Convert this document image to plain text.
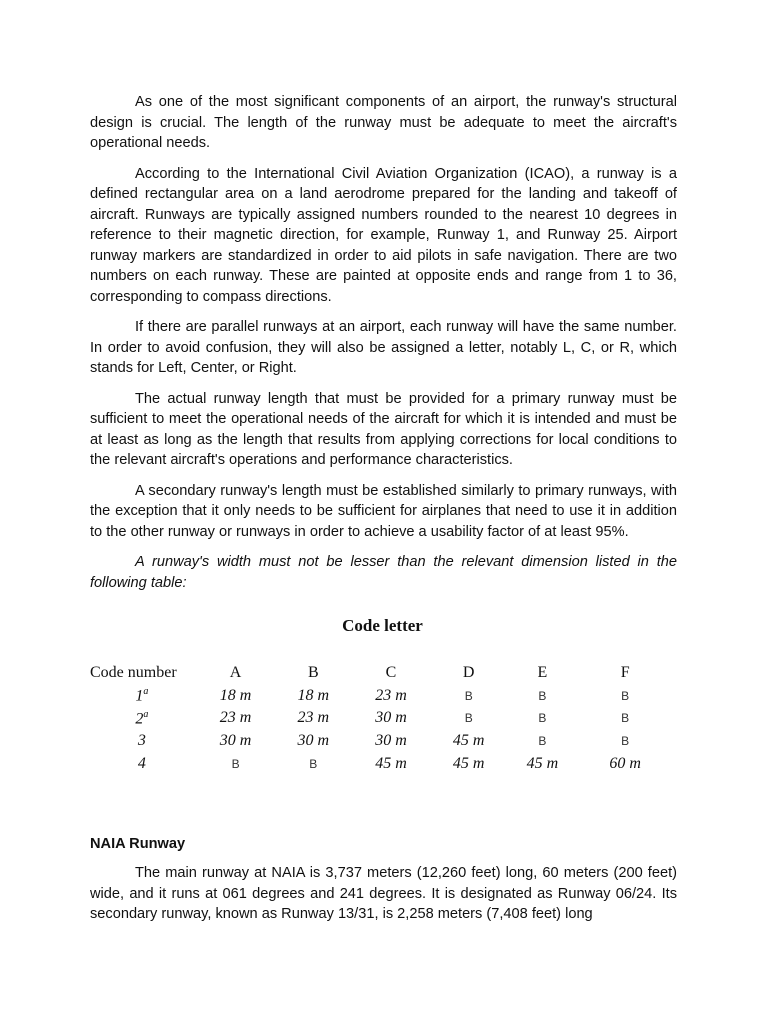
As one of the most significant components of an airport, the runway's structural design is crucial. The length of the runway must be adequate to meet the aircraft's operational needs.

According to the International Civil Aviation Organization (ICAO), a runway is a defined rectangular area on a land aerodrome prepared for the landing and takeoff of aircraft. Runways are typically assigned numbers rounded to the nearest 10 degrees in reference to their magnetic direction, for example, Runway 1, and Runway 25. Airport runway markers are standardized in order to aid pilots in safe navigation. There are two numbers on each runway. These are painted at opposite ends and range from 1 to 36, corresponding to compass directions.

If there are parallel runways at an airport, each runway will have the same number. In order to avoid confusion, they will also be assigned a letter, notably L, C, or R, which stands for Left, Center, or Right.

The actual runway length that must be provided for a primary runway must be sufficient to meet the operational needs of the aircraft for which it is intended and must be at least as long as the length that results from applying corrections for local conditions to the relevant aircraft's operations and performance characteristics.

A secondary runway's length must be established similarly to primary runways, with the exception that it only needs to be sufficient for airplanes that need to use it in addition to the other runway or runways in order to achieve a usability factor of at least 95%.

A runway's width must not be lesser than the relevant dimension listed in the following table:

Code letter
Code number	A	B	C	D	E	F
1$^a$	18 m	18 m	23 m	B	B	B
2$^a$	23 m	23 m	30 m	B	B	B
3	30 m	30 m	30 m	45 m	B	B
4	B	B	45 m	45 m	45 m	60 m
NAIA Runway

The main runway at NAIA is 3,737 meters (12,260 feet) long, 60 meters (200 feet) wide, and it runs at 061 degrees and 241 degrees. It is designated as Runway 06/24. Its secondary runway, known as Runway 13/31, is 2,258 meters (7,408 feet) long
